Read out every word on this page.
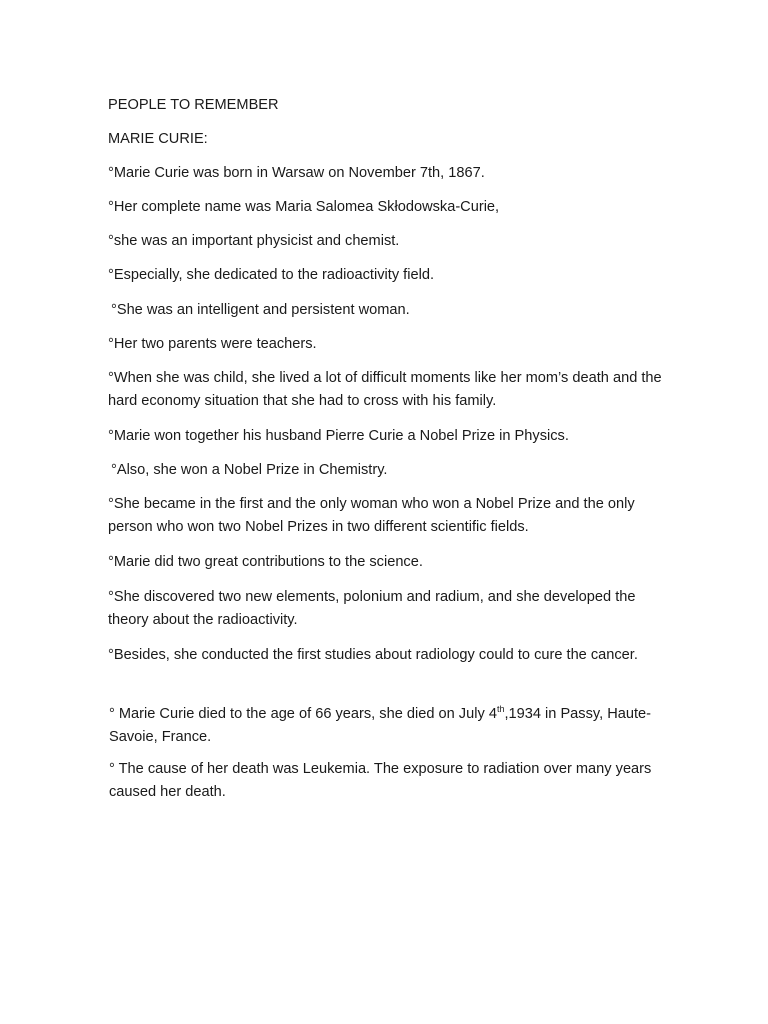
PEOPLE TO REMEMBER

MARIE CURIE:

°Marie Curie was born in Warsaw on November 7th, 1867.

°Her complete name was Maria Salomea Skłodowska-Curie,

°she was an important physicist and chemist.

°Especially, she dedicated to the radioactivity field.

°She was an intelligent and persistent woman.

°Her two parents were teachers.

°When she was child, she lived a lot of difficult moments like her mom’s death and the hard economy situation that she had to cross with his family.

°Marie won together his husband Pierre Curie a Nobel Prize in Physics.

°Also, she won a Nobel Prize in Chemistry.

°She became in the first and the only woman who won a Nobel Prize and the only person who won two Nobel Prizes in two different scientific fields.

°Marie did two great contributions to the science.

°She discovered two new elements, polonium and radium, and she developed the theory about the radioactivity.

°Besides, she conducted the first studies about radiology could to cure the cancer.

° Marie Curie died to the age of 66 years, she died on July 4th,1934 in Passy, Haute-Savoie, France.

° The cause of her death was Leukemia. The exposure to radiation over many years caused her death.
